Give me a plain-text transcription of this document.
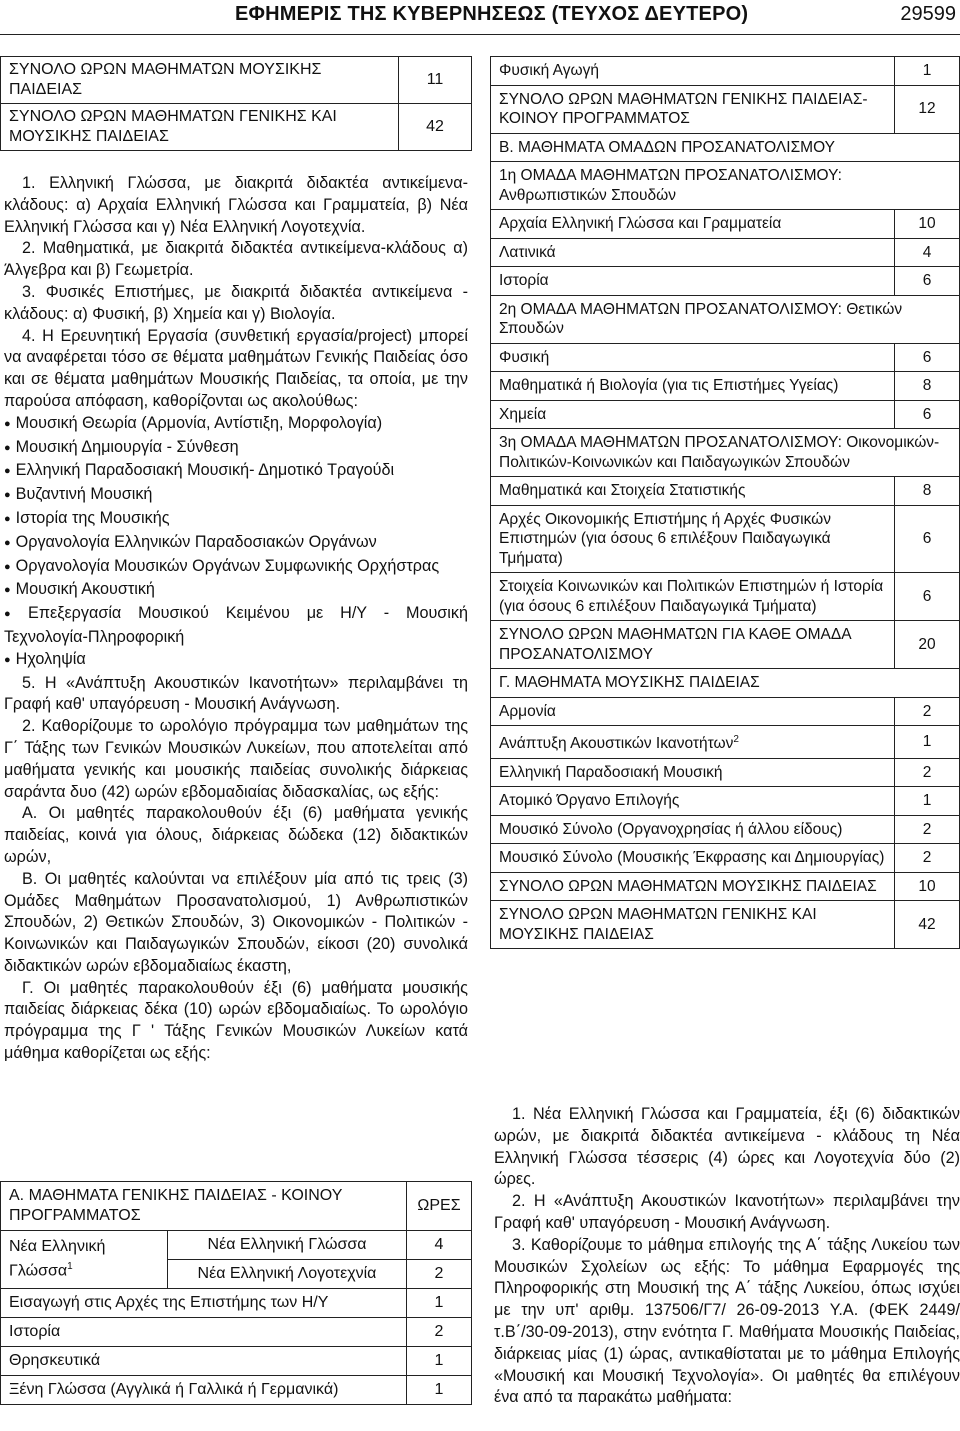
ΕΦΗΜΕΡΙΣ ΤΗΣ ΚΥΒΕΡΝΗΣΕΩΣ (ΤΕΥΧΟΣ ΔΕΥΤΕΡΟ)	29599
ΣΥΝΟΛΟ ΩΡΩΝ ΜΑΘΗΜΑΤΩΝ ΜΟΥΣΙΚΗΣ ΠΑΙΔΕΙΑΣ	11
ΣΥΝΟΛΟ ΩΡΩΝ ΜΑΘΗΜΑΤΩΝ ΓΕΝΙΚΗΣ ΚΑΙ ΜΟΥΣΙΚΗΣ ΠΑΙΔΕΙΑΣ	42

1. Ελληνική Γλώσσα, με διακριτά διδακτέα αντικείμενα-κλάδους: α) Αρχαία Ελληνική Γλώσσα και Γραμματεία, β) Νέα Ελληνική Γλώσσα και γ) Νέα Ελληνική Λογοτεχνία.

2. Μαθηματικά, με διακριτά διδακτέα αντικείμενα-κλάδους α) Άλγεβρα και β) Γεωμετρία.

3. Φυσικές Επιστήμες, με διακριτά διδακτέα αντικείμενα - κλάδους: α) Φυσική, β) Χημεία και γ) Βιολογία.

4. Η Ερευνητική Εργασία (συνθετική εργασία/project) μπορεί να αναφέρεται τόσο σε θέματα μαθημάτων Γενικής Παιδείας όσο και σε θέματα μαθημάτων Μουσικής Παιδείας, τα οποία, με την παρούσα απόφαση, καθορίζονται ως ακολούθως:

● Μουσική Θεωρία (Αρμονία, Αντίστιξη, Μορφολογία)

● Μουσική Δημιουργία - Σύνθεση

● Ελληνική Παραδοσιακή Μουσική- Δημοτικό Τραγούδι

● Βυζαντινή Μουσική

● Ιστορία της Μουσικής

● Οργανολογία Ελληνικών Παραδοσιακών Οργάνων

● Οργανολογία Μουσικών Οργάνων Συμφωνικής Ορχήστρας

● Μουσική Ακουστική

● Επεξεργασία Μουσικού Κειμένου με Η/Υ - Μουσική Τεχνολογία-Πληροφορική

● Ηχοληψία

5. Η «Ανάπτυξη Ακουστικών Ικανοτήτων» περιλαμβάνει τη Γραφή καθ' υπαγόρευση - Μουσική Ανάγνωση.

2. Καθορίζουμε το ωρολόγιο πρόγραμμα των μαθημάτων της Γ΄ Τάξης των Γενικών Μουσικών Λυκείων, που αποτελείται από μαθήματα γενικής και μουσικής παιδείας συνολικής διάρκειας σαράντα δυο (42) ωρών εβδομαδιαίας διδασκαλίας, ως εξής:

Α. Οι μαθητές παρακολουθούν έξι (6) μαθήματα γενικής παιδείας, κοινά για όλους, διάρκειας δώδεκα (12) διδακτικών ωρών,

Β. Οι μαθητές καλούνται να επιλέξουν μία από τις τρεις (3) Ομάδες Μαθημάτων Προσανατολισμού, 1) Ανθρωπιστικών Σπουδών, 2) Θετικών Σπουδών, 3) Οικονομικών - Πολιτικών - Κοινωνικών και Παιδαγωγικών Σπουδών, είκοσι (20) συνολικά διδακτικών ωρών εβδομαδιαίως έκαστη,

Γ. Οι μαθητές παρακολουθούν έξι (6) μαθήματα μουσικής παιδείας διάρκειας δέκα (10) ωρών εβδομαδιαίως. Το ωρολόγιο πρόγραμμα της Γ ' Τάξης Γενικών Μουσικών Λυκείων κατά μάθημα καθορίζεται ως εξής:

Α. ΜΑΘΗΜΑΤΑ ΓΕΝΙΚΗΣ ΠΑΙΔΕΙΑΣ - ΚΟΙΝΟΥ ΠΡΟΓΡΑΜΜΑΤΟΣ		ΩΡΕΣ
Νέα Ελληνική Γλώσσα$^1$	Νέα Ελληνική Γλώσσα	4
	Νέα Ελληνική Λογοτεχνία	2
Εισαγωγή στις Αρχές της Επιστήμης των Η/Υ		1
Ιστορία		2
Θρησκευτικά		1
Ξένη Γλώσσα (Αγγλικά ή Γαλλικά ή Γερμανικά)		1
Φυσική Αγωγή	1
ΣΥΝΟΛΟ ΩΡΩΝ ΜΑΘΗΜΑΤΩΝ ΓΕΝΙΚΗΣ ΠΑΙΔΕΙΑΣ-ΚΟΙΝΟΥ ΠΡΟΓΡΑΜΜΑΤΟΣ	12
Β. ΜΑΘΗΜΑΤΑ ΟΜΑΔΩΝ ΠΡΟΣΑΝΑΤΟΛΙΣΜΟΥ	
1η ΟΜΑΔΑ ΜΑΘΗΜΑΤΩΝ ΠΡΟΣΑΝΑΤΟΛΙΣΜΟΥ: Ανθρωπιστικών Σπουδών	
Αρχαία Ελληνική Γλώσσα και Γραμματεία	10
Λατινικά	4
Ιστορία	6
2η ΟΜΑΔΑ ΜΑΘΗΜΑΤΩΝ ΠΡΟΣΑΝΑΤΟΛΙΣΜΟΥ: Θετικών Σπουδών	
Φυσική	6
Μαθηματικά ή Βιολογία (για τις Επιστήμες Υγείας)	8
Χημεία	6
3η ΟΜΑΔΑ ΜΑΘΗΜΑΤΩΝ ΠΡΟΣΑΝΑΤΟΛΙΣΜΟΥ: Οικονομικών-Πολιτικών-Κοινωνικών και Παιδαγωγικών Σπουδών	
Μαθηματικά και Στοιχεία Στατιστικής	8
Αρχές Οικονομικής Επιστήμης ή Αρχές Φυσικών Επιστημών (για όσους 6 επιλέξουν Παιδαγωγικά Τμήματα)	6
Στοιχεία Κοινωνικών και Πολιτικών Επιστημών ή Ιστορία (για όσους 6 επιλέξουν Παιδαγωγικά Τμήματα)	6
ΣΥΝΟΛΟ ΩΡΩΝ ΜΑΘΗΜΑΤΩΝ ΓΙΑ ΚΑΘΕ ΟΜΑΔΑ ΠΡΟΣΑΝΑΤΟΛΙΣΜΟΥ	20
Γ. ΜΑΘΗΜΑΤΑ ΜΟΥΣΙΚΗΣ ΠΑΙΔΕΙΑΣ	
Αρμονία	2
Ανάπτυξη Ακουστικών Ικανοτήτων$^2$	1
Ελληνική Παραδοσιακή Μουσική	2
Ατομικό Όργανο Επιλογής	1
Μουσικό Σύνολο (Οργανοχρησίας ή άλλου είδους)	2
Μουσικό Σύνολο (Μουσικής Έκφρασης και Δημιουργίας)	2
ΣΥΝΟΛΟ ΩΡΩΝ ΜΑΘΗΜΑΤΩΝ ΜΟΥΣΙΚΗΣ ΠΑΙΔΕΙΑΣ	10
ΣΥΝΟΛΟ ΩΡΩΝ ΜΑΘΗΜΑΤΩΝ ΓΕΝΙΚΗΣ ΚΑΙ ΜΟΥΣΙΚΗΣ ΠΑΙΔΕΙΑΣ	42

1. Νέα Ελληνική Γλώσσα και Γραμματεία, έξι (6) διδακτικών ωρών, με διακριτά διδακτέα αντικείμενα - κλάδους τη Νέα Ελληνική Γλώσσα τέσσερις (4) ώρες και Λογοτεχνία δύο (2) ώρες.

2. Η «Ανάπτυξη Ακουστικών Ικανοτήτων» περιλαμβάνει την Γραφή καθ' υπαγόρευση - Μουσική Ανάγνωση.

3. Καθορίζουμε το μάθημα επιλογής της Α΄ τάξης Λυκείου των Μουσικών Σχολείων ως εξής: Το μάθημα Εφαρμογές της Πληροφορικής στη Μουσική της Α΄ τάξης Λυκείου, όπως ισχύει με την υπ' αριθμ. 137506/Γ7/ 26-09-2013 Υ.Α. (ΦΕΚ 2449/τ.Β΄/30-09-2013), στην ενότητα Γ. Μαθήματα Μουσικής Παιδείας, διάρκειας μίας (1) ώρας, αντικαθίσταται με το μάθημα Επιλογής «Μουσική και Μουσική Τεχνολογία». Οι μαθητές θα επιλέγουν ένα από τα παρακάτω μαθήματα:
